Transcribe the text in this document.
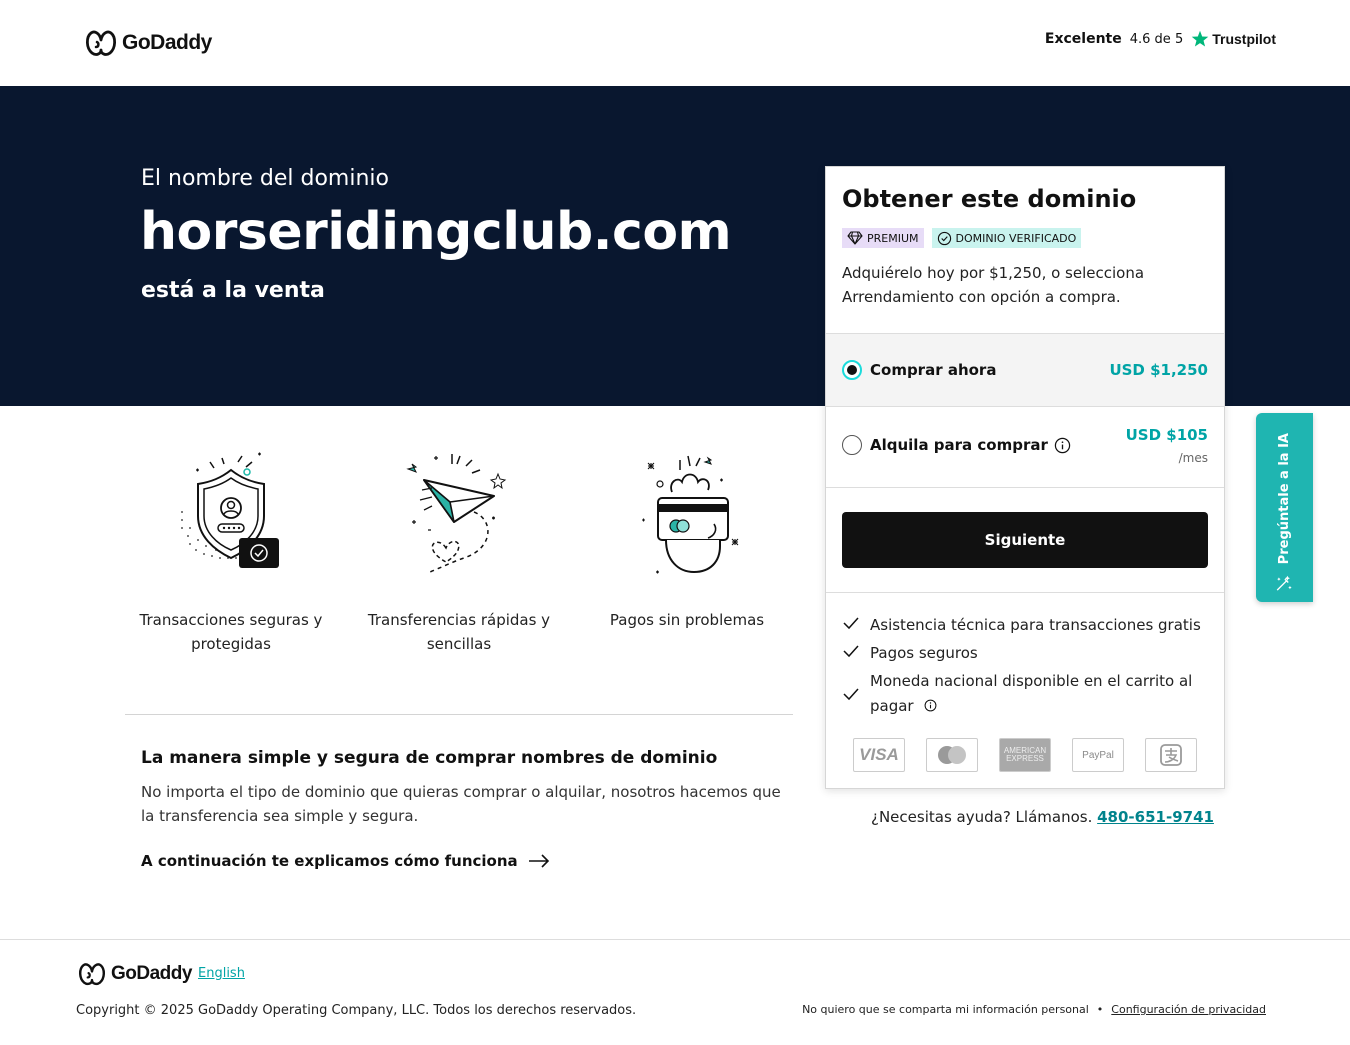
GoDaddy	Excelente 4.6 de 5 Trustpilot
El nombre del dominio
horseridingclub.com
está a la venta
Transacciones seguras y protegidas
Transferencias rápidas y sencillas
Pagos sin problemas
La manera simple y segura de comprar nombres de dominio
No importa el tipo de dominio que quieras comprar o alquilar, nosotros hacemos que la transferencia sea simple y segura.
A continuación te explicamos cómo funciona
Obtener este dominio
PREMIUM	DOMINIO VERIFICADO
Adquiérelo hoy por $1,250, o selecciona Arrendamiento con opción a compra.
Comprar ahora	USD $1,250
Alquila para comprar
USD $105
/mes
Siguiente
Asistencia técnica para transacciones gratis
Pagos seguros
Moneda nacional disponible en el carrito al pagar
VISA	AMERICAN EXPRESS	PayPal
¿Necesitas ayuda? Llámanos. 480-651-9741
Pregúntale a la IA
GoDaddy English
Copyright © 2025 GoDaddy Operating Company, LLC. Todos los derechos reservados.	No quiero que se comparta mi información personal • Configuración de privacidad
